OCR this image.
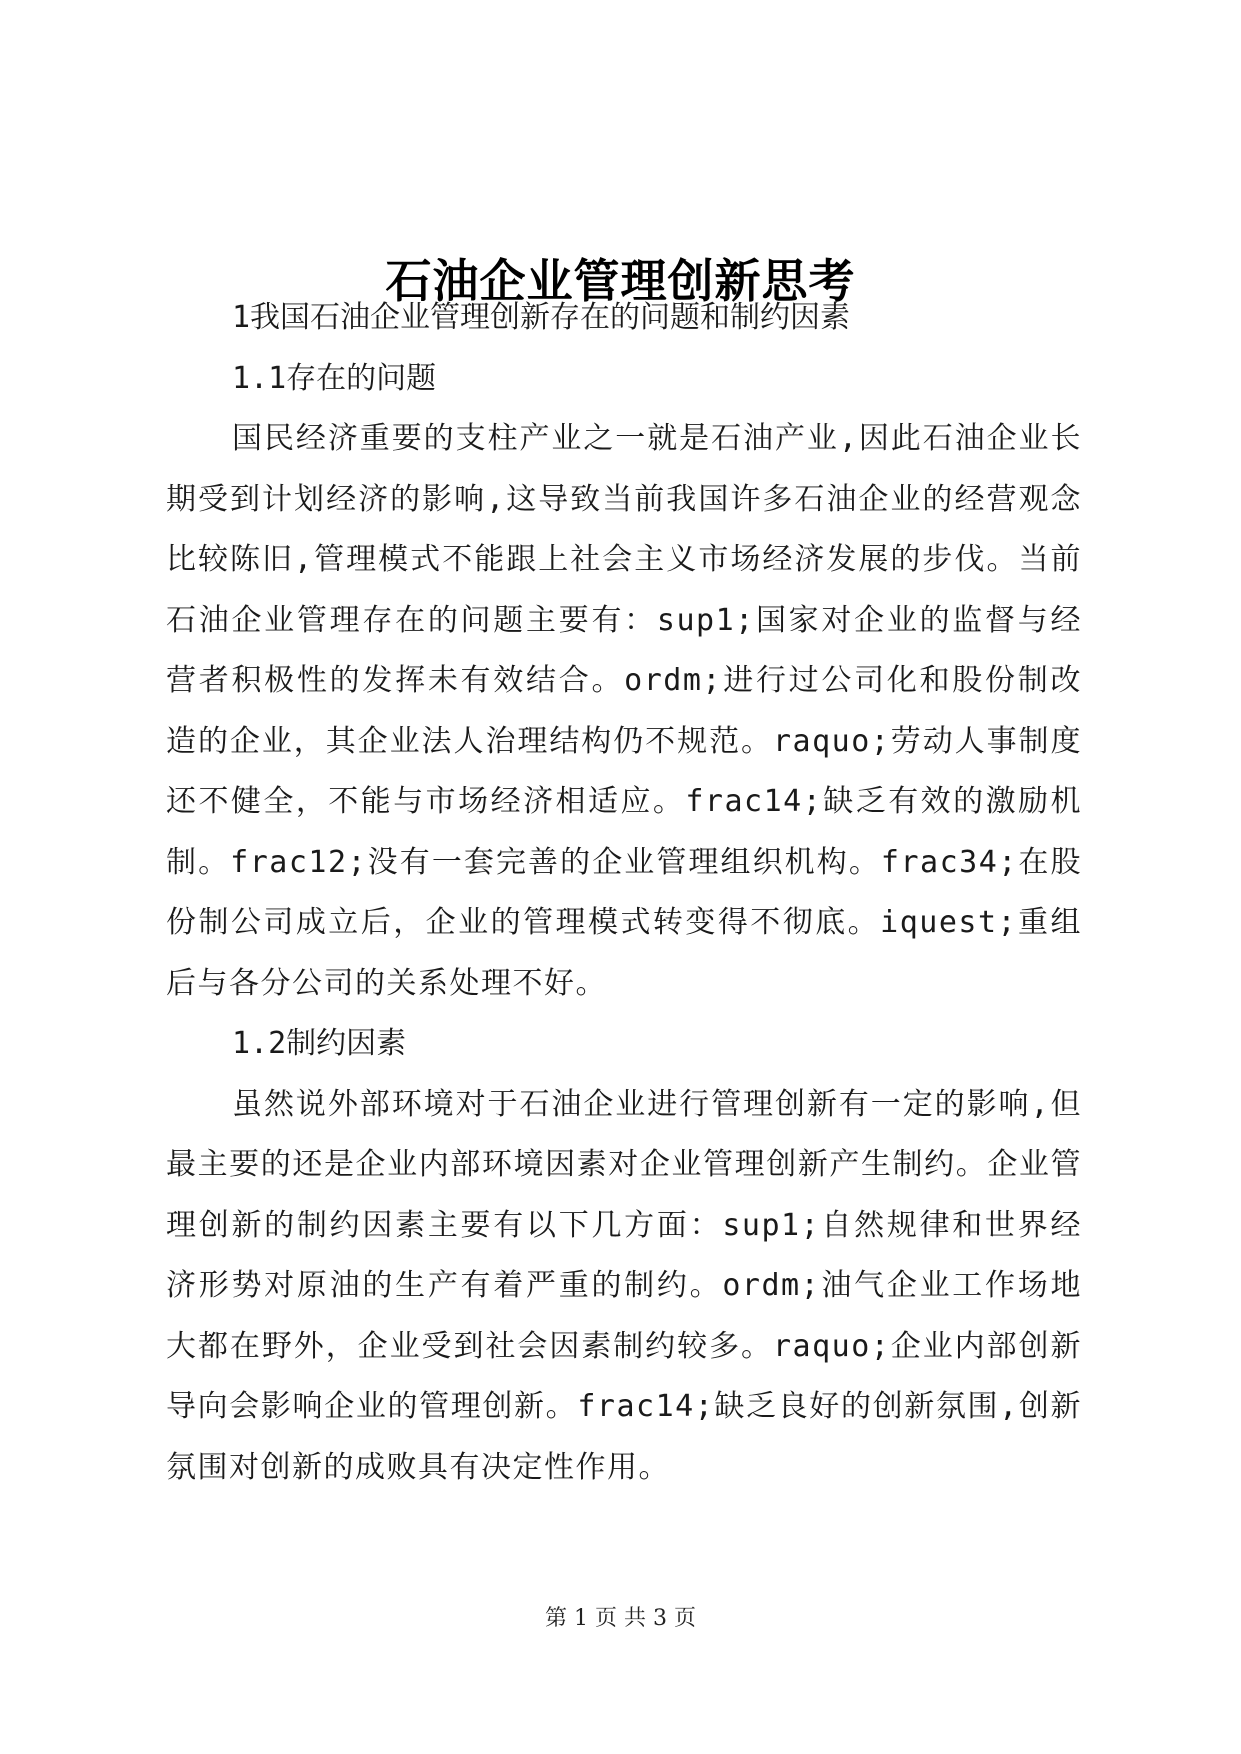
石油企业管理创新思考

1我国石油企业管理创新存在的问题和制约因素

1.1存在的问题

国民经济重要的支柱产业之一就是石油产业,因此石油企业长期受到计划经济的影响,这导致当前我国许多石油企业的经营观念比较陈旧,管理模式不能跟上社会主义市场经济发展的步伐。当前石油企业管理存在的问题主要有：sup1;国家对企业的监督与经营者积极性的发挥未有效结合。ordm;进行过公司化和股份制改造的企业，其企业法人治理结构仍不规范。raquo;劳动人事制度还不健全，不能与市场经济相适应。frac14;缺乏有效的激励机制。frac12;没有一套完善的企业管理组织机构。frac34;在股份制公司成立后，企业的管理模式转变得不彻底。iquest;重组后与各分公司的关系处理不好。

1.2制约因素

虽然说外部环境对于石油企业进行管理创新有一定的影响,但最主要的还是企业内部环境因素对企业管理创新产生制约。企业管理创新的制约因素主要有以下几方面：sup1;自然规律和世界经济形势对原油的生产有着严重的制约。ordm;油气企业工作场地大都在野外，企业受到社会因素制约较多。raquo;企业内部创新导向会影响企业的管理创新。frac14;缺乏良好的创新氛围,创新氛围对创新的成败具有决定性作用。

第 1 页 共 3 页
